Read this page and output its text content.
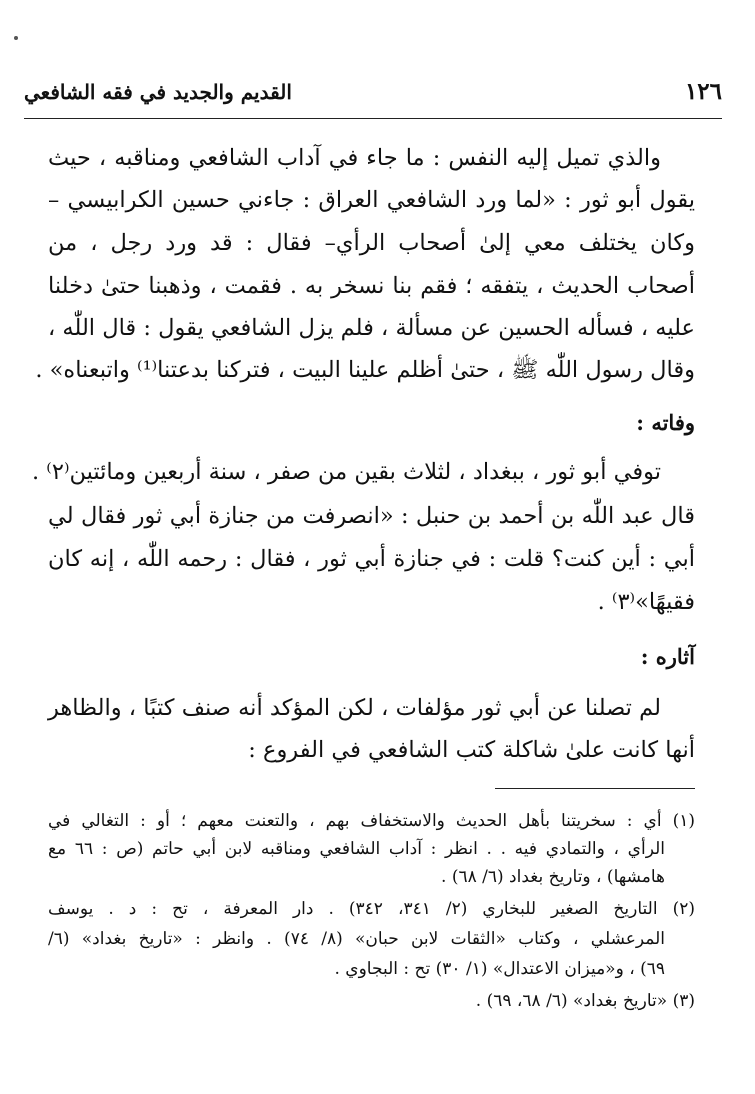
١٢٦
القديم والجديد في فقه الشافعي
والذي تميل إليه النفس : ما جاء في آداب الشافعي ومناقبه ، حيث
يقول أبو ثور : «لما ورد الشافعي العراق : جاءني حسين الكرابيسي –
وكان يختلف معي إلىٰ أصحاب الرأي– فقال : قد ورد رجل ، من
أصحاب الحديث ، يتفقه ؛ فقم بنا نسخر به . فقمت ، وذهبنا حتىٰ دخلنا
عليه ، فسأله الحسين عن مسألة ، فلم يزل الشافعي يقول : قال اللّٰه ،
وقال رسول اللّٰه ﷺ ، حتىٰ أظلم علينا البيت ، فتركنا بدعتنا⁽¹⁾ واتبعناه» .
وفاته :
توفي أبو ثور ، ببغداد ، لثلاث بقين من صفر ، سنة أربعين ومائتين⁽٢⁾ .
قال عبد اللّٰه بن أحمد بن حنبل : «انصرفت من جنازة أبي ثور فقال لي
أبي : أين كنت؟ قلت : في جنازة أبي ثور ، فقال : رحمه اللّٰه ، إنه كان
فقيهًا»⁽٣⁾ .
آثاره :
لم تصلنا عن أبي ثور مؤلفات ، لكن المؤكد أنه صنف كتبًا ، والظاهر
أنها كانت علىٰ شاكلة كتب الشافعي في الفروع :
(١) أي : سخريتنا بأهل الحديث والاستخفاف بهم ، والتعنت معهم ؛ أو : التغالي في
الرأي ، والتمادي فيه . . انظر : آداب الشافعي ومناقبه لابن أبي حاتم (ص : ٦٦ مع
هامشها) ، وتاريخ بغداد (٦/ ٦٨) .
(٢) التاريخ الصغير للبخاري (٢/ ٣٤١، ٣٤٢) . دار المعرفة ، تح : د . يوسف
المرعشلي ، وكتاب «الثقات لابن حبان» (٨/ ٧٤) . وانظر : «تاريخ بغداد» (٦/
٦٩) ، و«ميزان الاعتدال» (١/ ٣٠) تح : البجاوي .
(٣) «تاريخ بغداد» (٦/ ٦٨، ٦٩) .
